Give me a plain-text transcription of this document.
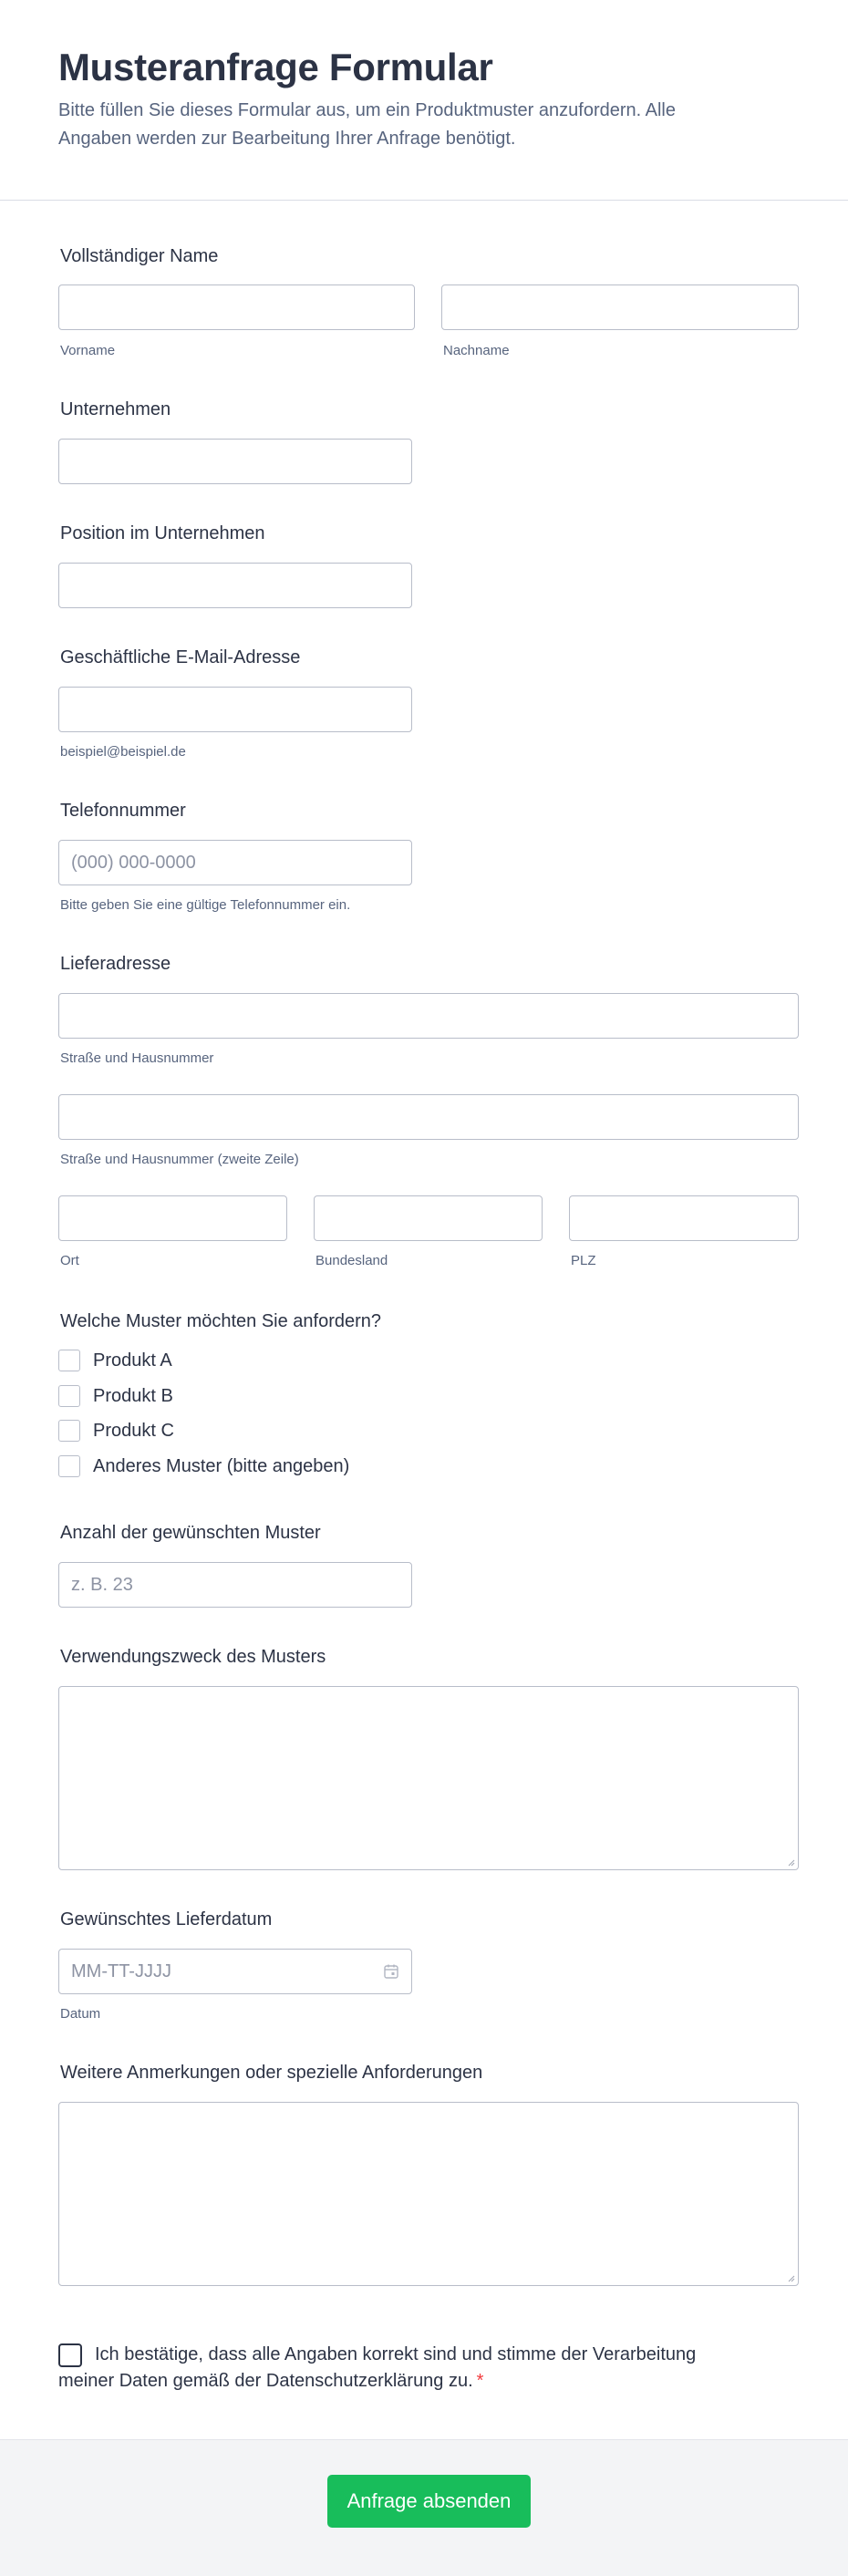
Musteranfrage Formular

Bitte füllen Sie dieses Formular aus, um ein Produktmuster anzufordern. Alle Angaben werden zur Bearbeitung Ihrer Anfrage benötigt.

Vollständiger Name
Vorname	Nachname
Unternehmen
Position im Unternehmen
Geschäftliche E-Mail-Adresse
beispiel@beispiel.de
Telefonnummer
(000) 000-0000
Bitte geben Sie eine gültige Telefonnummer ein.
Lieferadresse
Straße und Hausnummer
Straße und Hausnummer (zweite Zeile)
Ort	Bundesland	PLZ
Welche Muster möchten Sie anfordern?
Produkt A
Produkt B
Produkt C
Anderes Muster (bitte angeben)
Anzahl der gewünschten Muster
z. B. 23
Verwendungszweck des Musters
Gewünschtes Lieferdatum
MM-TT-JJJJ
Datum
Weitere Anmerkungen oder spezielle Anforderungen
Ich bestätige, dass alle Angaben korrekt sind und stimme der Verarbeitung meiner Daten gemäß der Datenschutzerklärung zu. *
Anfrage absenden
